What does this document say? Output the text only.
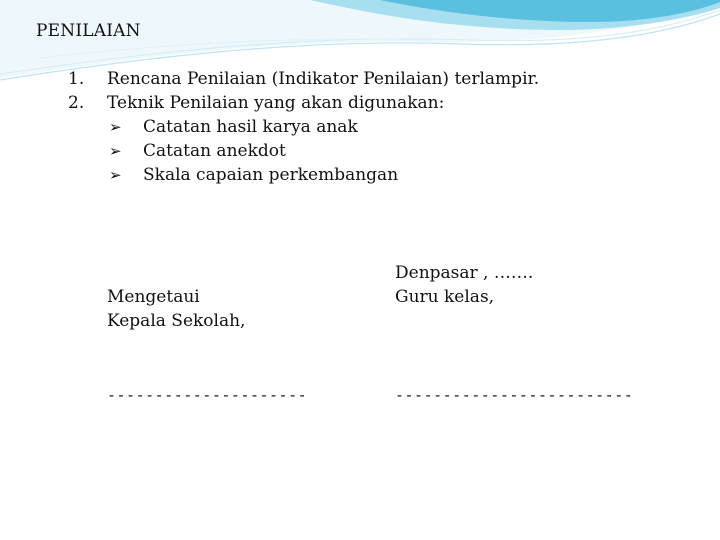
PENILAIAN
1.	Rencana Penilaian (Indikator Penilaian) terlampir.
2.	Teknik Penilaian yang akan digunakan:
➢ Catatan hasil karya anak
➢ Catatan anekdot
➢ Skala capaian perkembangan
Mengetaui
Kepala Sekolah,
---------------------
Denpasar , …….
Guru kelas,
-------------------------
